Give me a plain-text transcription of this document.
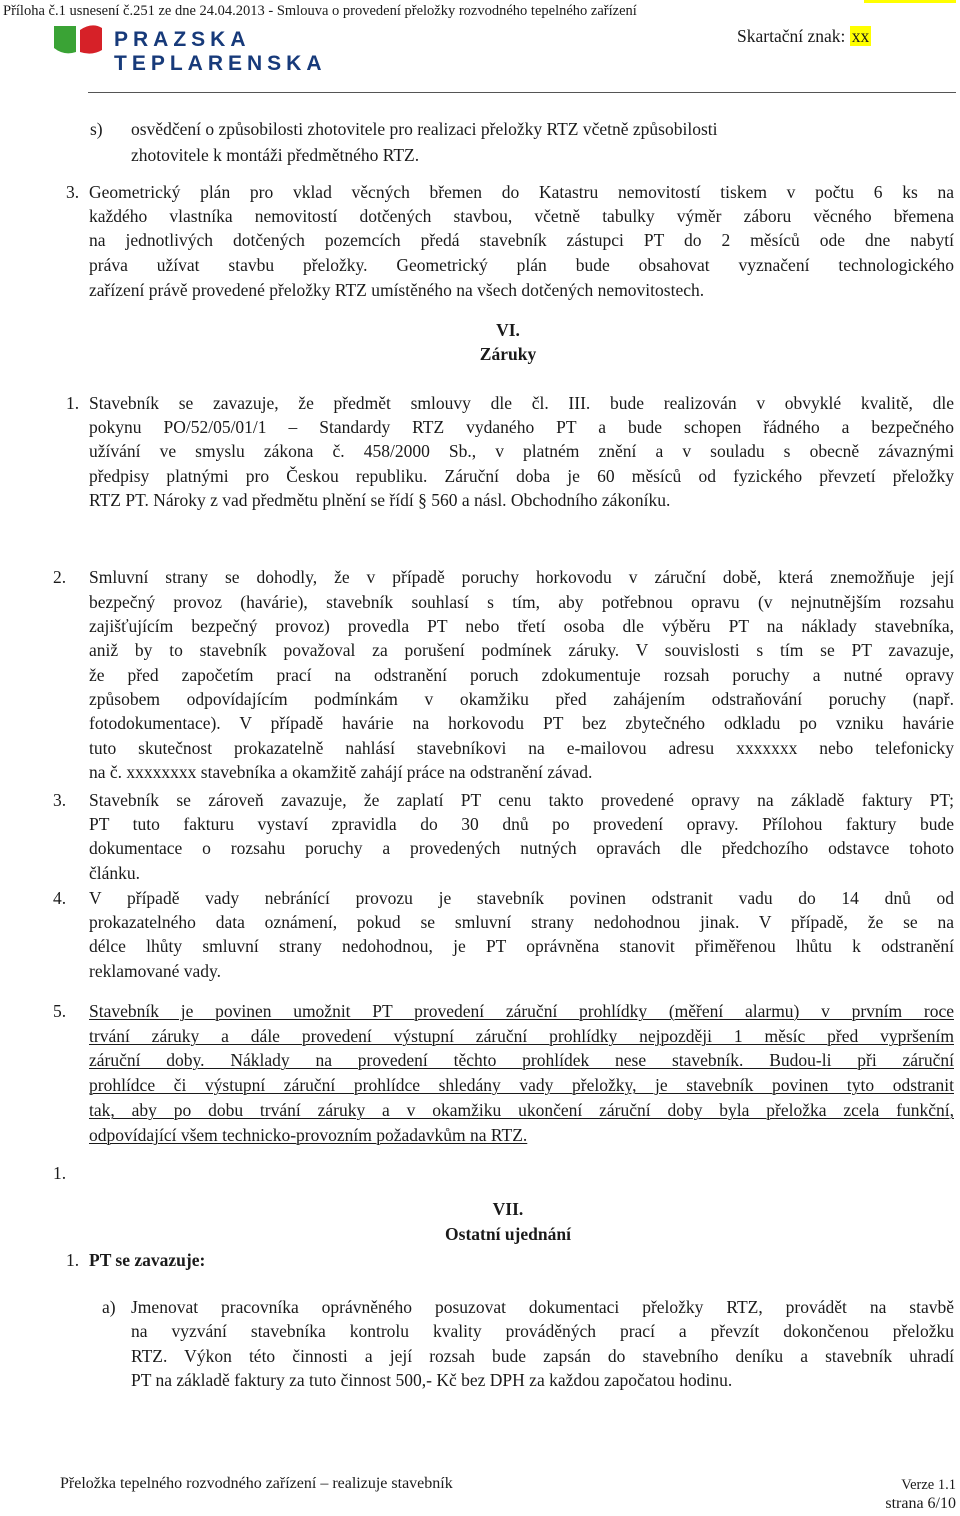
Příloha č.1 usnesení č.251 ze dne 24.04.2013 - Smlouva o provedení přeložky rozvodného tepelného zařízení
PRAZSKA TEPLARENSKA
Skartační znak: xx
s) osvědčení o způsobilosti zhotovitele pro realizaci přeložky RTZ včetně způsobilosti
zhotovitele k montáži předmětného RTZ.
3. Geometrický plán pro vklad věcných břemen do Katastru nemovitostí tiskem v počtu 6 ks na
každého vlastníka nemovitostí dotčených stavbou, včetně tabulky výměr záboru věcného břemena
na jednotlivých dotčených pozemcích předá stavebník zástupci PT do 2 měsíců ode dne nabytí
práva užívat stavbu přeložky. Geometrický plán bude obsahovat vyznačení technologického
zařízení právě provedené přeložky RTZ umístěného na všech dotčených nemovitostech.
VI.
Záruky
1. Stavebník se zavazuje, že předmět smlouvy dle čl. III. bude realizován v obvyklé kvalitě, dle
pokynu PO/52/05/01/1 – Standardy RTZ vydaného PT a bude schopen řádného a bezpečného
užívání ve smyslu zákona č. 458/2000 Sb., v platném znění a v souladu s obecně závaznými
předpisy platnými pro Českou republiku. Záruční doba je 60 měsíců od fyzického převzetí přeložky
RTZ PT. Nároky z vad předmětu plnění se řídí § 560 a násl. Obchodního zákoníku.
2. Smluvní strany se dohodly, že v případě poruchy horkovodu v záruční době, která znemožňuje její
bezpečný provoz (havárie), stavebník souhlasí s tím, aby potřebnou opravu (v nejnutnějším rozsahu
zajišťujícím bezpečný provoz) provedla PT nebo třetí osoba dle výběru PT na náklady stavebníka,
aniž by to stavebník považoval za porušení podmínek záruky. V souvislosti s tím se PT zavazuje,
že před započetím prací na odstranění poruch zdokumentuje rozsah poruchy a nutné opravy
způsobem odpovídajícím podmínkám v okamžiku před zahájením odstraňování poruchy (např.
fotodokumentace). V případě havárie na horkovodu PT bez zbytečného odkladu po vzniku havárie
tuto skutečnost prokazatelně nahlásí stavebníkovi na e-mailovou adresu xxxxxxx nebo telefonicky
na č. xxxxxxxx stavebníka a okamžitě zahájí práce na odstranění závad.
3. Stavebník se zároveň zavazuje, že zaplatí PT cenu takto provedené opravy na základě faktury PT;
PT tuto fakturu vystaví zpravidla do 30 dnů po provedení opravy. Přílohou faktury bude
dokumentace o rozsahu poruchy a provedených nutných opravách dle předchozího odstavce tohoto
článku.
4. V případě vady nebránící provozu je stavebník povinen odstranit vadu do 14 dnů od
prokazatelného data oznámení, pokud se smluvní strany nedohodnou jinak. V případě, že se na
délce lhůty smluvní strany nedohodnou, je PT oprávněna stanovit přiměřenou lhůtu k odstranění
reklamované vady.
5. Stavebník je povinen umožnit PT provedení záruční prohlídky (měření alarmu) v prvním roce
trvání záruky a dále provedení výstupní záruční prohlídky nejpozději 1 měsíc před vypršením
záruční doby. Náklady na provedení těchto prohlídek nese stavebník. Budou-li při záruční
prohlídce či výstupní záruční prohlídce shledány vady přeložky, je stavebník povinen tyto odstranit
tak, aby po dobu trvání záruky a v okamžiku ukončení záruční doby byla přeložka zcela funkční,
odpovídající všem technicko-provozním požadavkům na RTZ.
1.
VII.
Ostatní ujednání
1. PT se zavazuje:
a) Jmenovat pracovníka oprávněného posuzovat dokumentaci přeložky RTZ, provádět na stavbě
na vyzvání stavebníka kontrolu kvality prováděných prací a převzít dokončenou přeložku
RTZ. Výkon této činnosti a její rozsah bude zapsán do stavebního deníku a stavebník uhradí
PT na základě faktury za tuto činnost 500,- Kč bez DPH za každou započatou hodinu.
Přeložka tepelného rozvodného zařízení – realizuje stavebník	Verze 1.1
strana 6/10
